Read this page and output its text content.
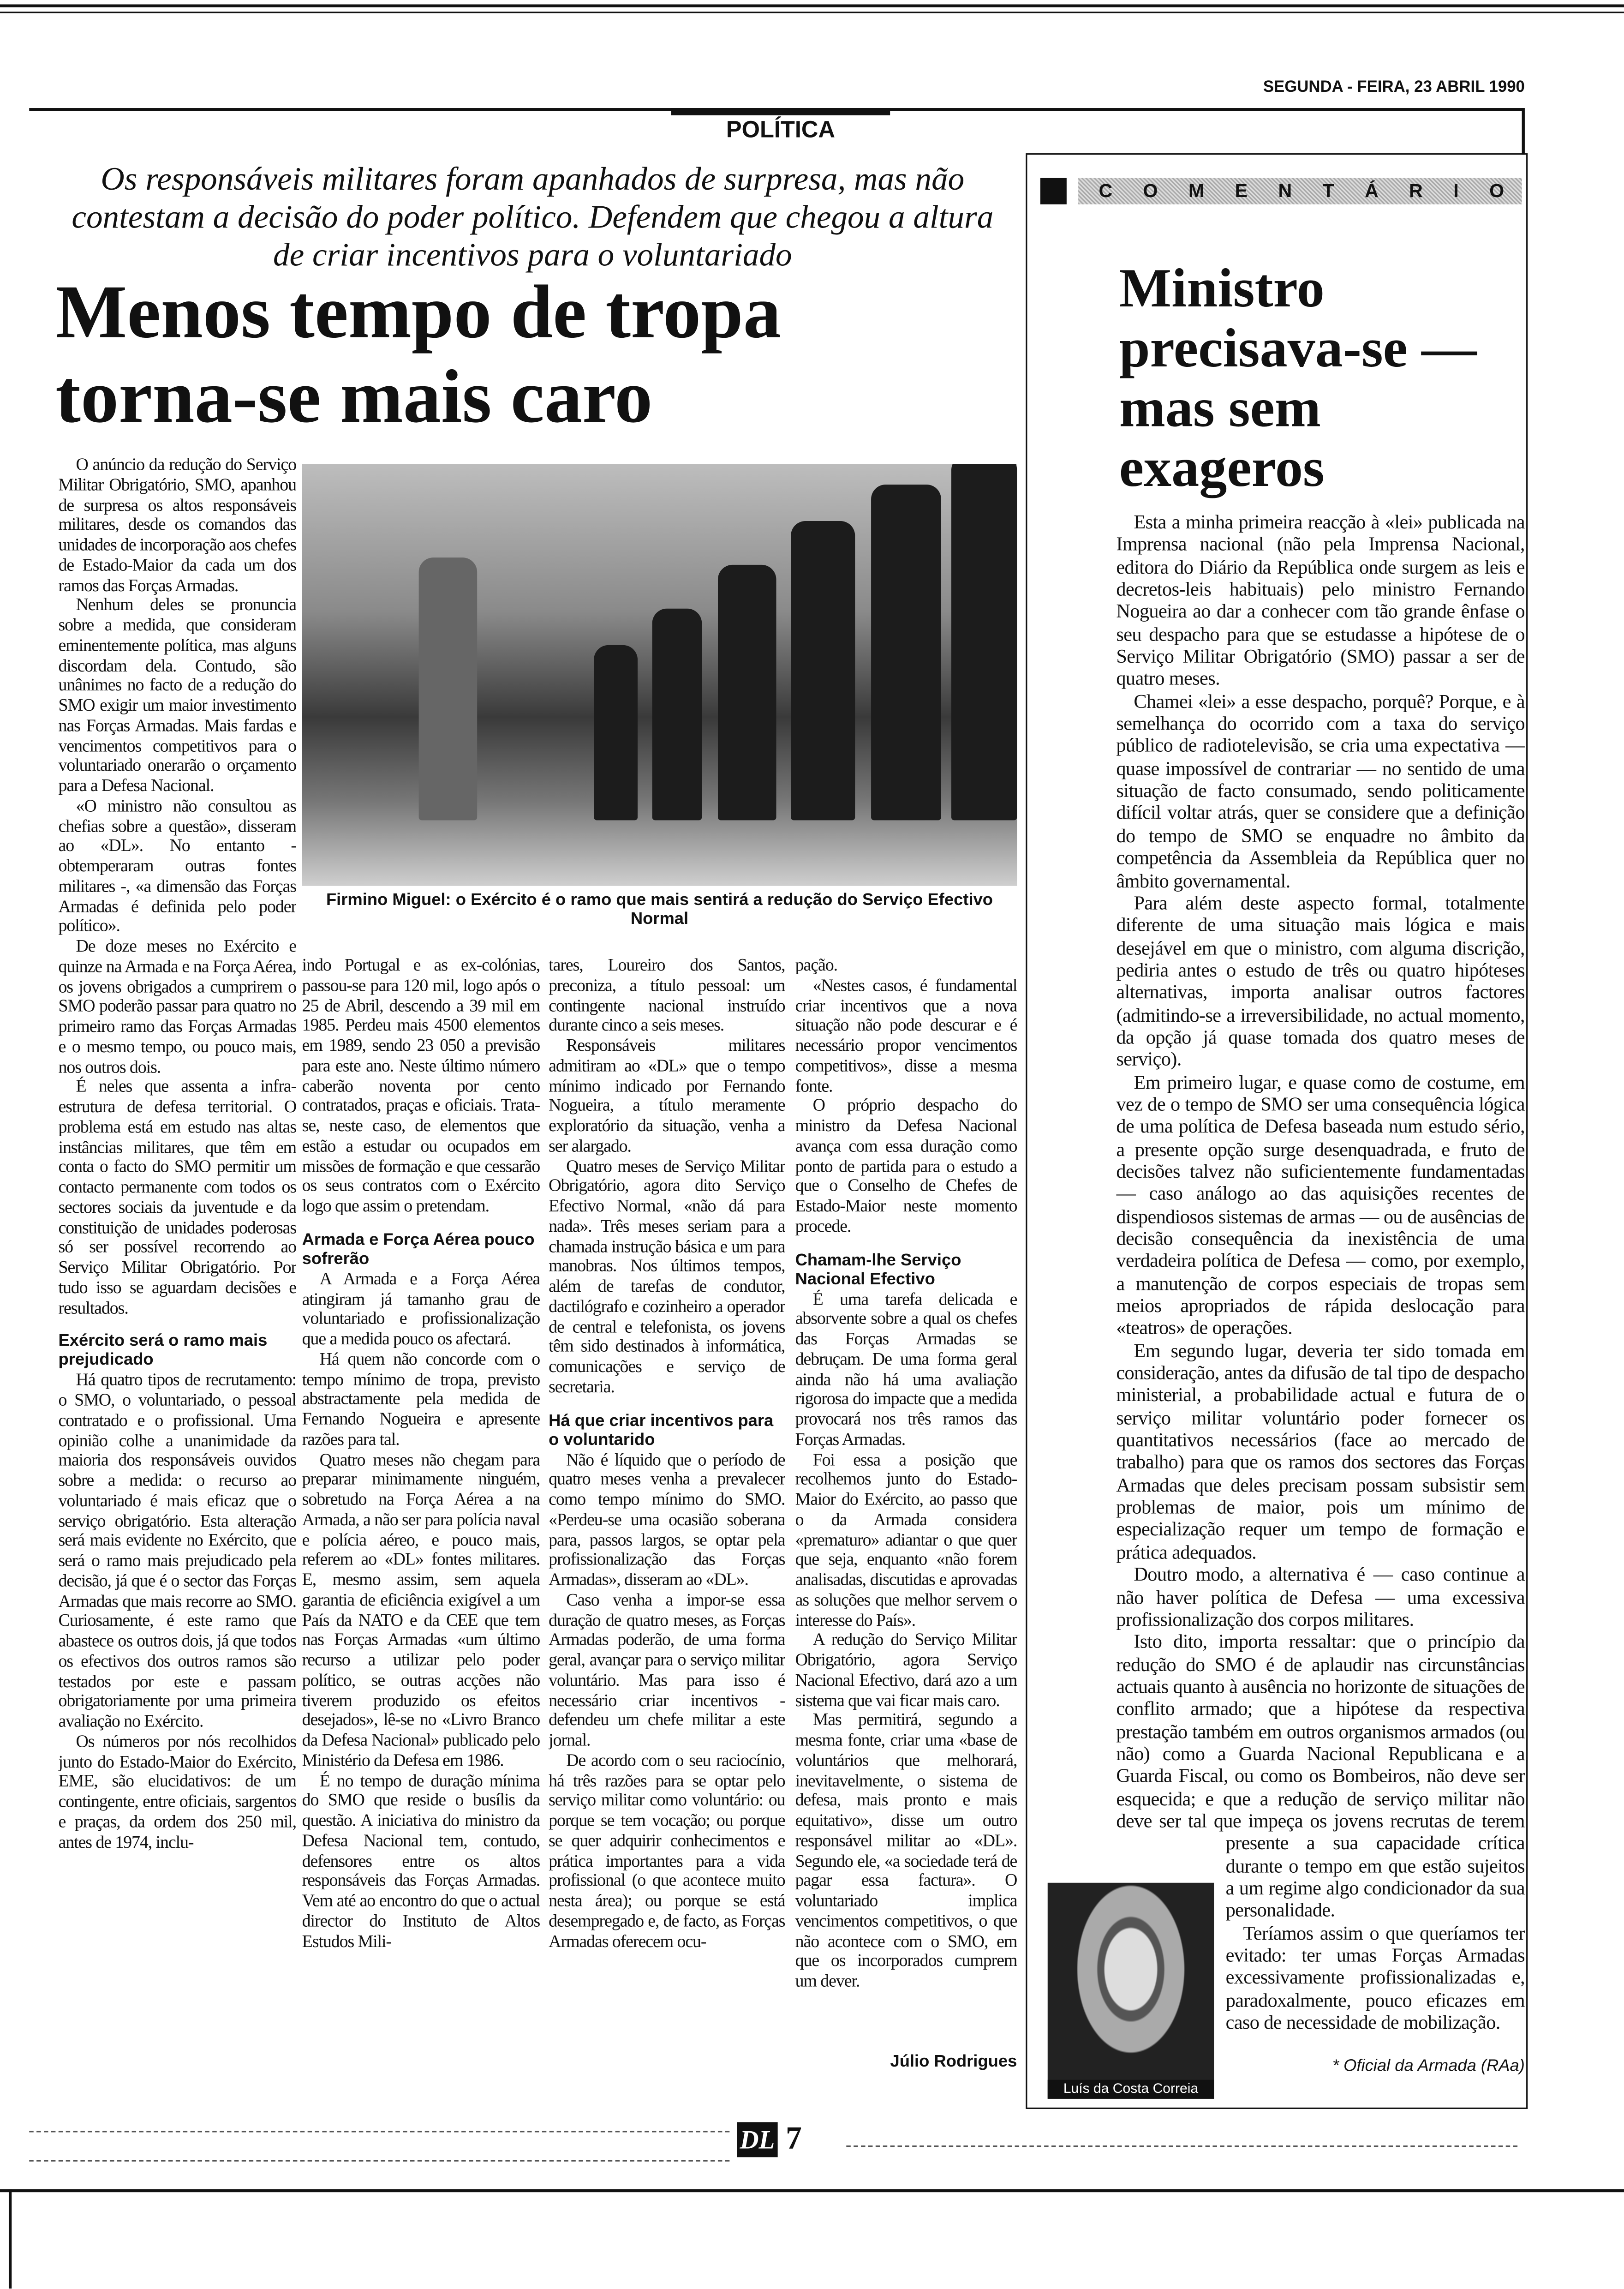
SEGUNDA - FEIRA, 23 ABRIL 1990
POLÍTICA
Os responsáveis militares foram apanhados de surpresa, mas não contestam a decisão do poder político. Defendem que chegou a altura de criar incentivos para o voluntariado
Menos tempo de tropa
torna-se mais caro
Firmino Miguel: o Exército é o ramo que mais sentirá a redução do Serviço Efectivo Normal

O anúncio da redução do Serviço Militar Obrigatório, SMO, apanhou de surpresa os altos responsáveis militares, desde os comandos das unidades de incorporação aos chefes de Estado-Maior da cada um dos ramos das Forças Armadas.

Nenhum deles se pronuncia sobre a medida, que consideram eminentemente política, mas alguns discordam dela. Contudo, são unânimes no facto de a redução do SMO exigir um maior investimento nas Forças Armadas. Mais fardas e vencimentos competitivos para o voluntariado onerarão o orçamento para a Defesa Nacional.

«O ministro não consultou as chefias sobre a questão», disseram ao «DL». No entanto - obtemperaram outras fontes militares -, «a dimensão das Forças Armadas é definida pelo poder político».

De doze meses no Exército e quinze na Armada e na Força Aérea, os jovens obrigados a cumprirem o SMO poderão passar para quatro no primeiro ramo das Forças Armadas e o mesmo tempo, ou pouco mais, nos outros dois.

É neles que assenta a infra-estrutura de defesa territorial. O problema está em estudo nas altas instâncias militares, que têm em conta o facto do SMO permitir um contacto permanente com todos os sectores sociais da juventude e da constituição de unidades poderosas só ser possível recorrendo ao Serviço Militar Obrigatório. Por tudo isso se aguardam decisões e resultados.

Exército será o ramo mais prejudicado

Há quatro tipos de recrutamento: o SMO, o voluntariado, o pessoal contratado e o profissional. Uma opinião colhe a unanimidade da maioria dos responsáveis ouvidos sobre a medida: o recurso ao voluntariado é mais eficaz que o serviço obrigatório. Esta alteração será mais evidente no Exército, que será o ramo mais prejudicado pela decisão, já que é o sector das Forças Armadas que mais recorre ao SMO. Curiosamente, é este ramo que abastece os outros dois, já que todos os efectivos dos outros ramos são testados por este e passam obrigatoriamente por uma primeira avaliação no Exército.

Os números por nós recolhidos junto do Estado-Maior do Exército, EME, são elucidativos: de um contingente, entre oficiais, sargentos e praças, da ordem dos 250 mil, antes de 1974, inclu-

indo Portugal e as ex-colónias, passou-se para 120 mil, logo após o 25 de Abril, descendo a 39 mil em 1985. Perdeu mais 4500 elementos em 1989, sendo 23 050 a previsão para este ano. Neste último número caberão noventa por cento contratados, praças e oficiais. Trata-se, neste caso, de elementos que estão a estudar ou ocupados em missões de formação e que cessarão os seus contratos com o Exército logo que assim o pretendam.

Armada e Força Aérea pouco sofrerão

A Armada e a Força Aérea atingiram já tamanho grau de voluntariado e profissionalização que a medida pouco os afectará.

Há quem não concorde com o tempo mínimo de tropa, previsto abstractamente pela medida de Fernando Nogueira e apresente razões para tal.

Quatro meses não chegam para preparar minimamente ninguém, sobretudo na Força Aérea a na Armada, a não ser para polícia naval e polícia aéreo, e pouco mais, referem ao «DL» fontes militares. E, mesmo assim, sem aquela garantia de eficiência exigível a um País da NATO e da CEE que tem nas Forças Armadas «um último recurso a utilizar pelo poder político, se outras acções não tiverem produzido os efeitos desejados», lê-se no «Livro Branco da Defesa Nacional» publicado pelo Ministério da Defesa em 1986.

É no tempo de duração mínima do SMO que reside o busílis da questão. A iniciativa do ministro da Defesa Nacional tem, contudo, defensores entre os altos responsáveis das Forças Armadas. Vem até ao encontro do que o actual director do Instituto de Altos Estudos Mili-

tares, Loureiro dos Santos, preconiza, a título pessoal: um contingente nacional instruído durante cinco a seis meses.

Responsáveis militares admitiram ao «DL» que o tempo mínimo indicado por Fernando Nogueira, a título meramente exploratório da situação, venha a ser alargado.

Quatro meses de Serviço Militar Obrigatório, agora dito Serviço Efectivo Normal, «não dá para nada». Três meses seriam para a chamada instrução básica e um para manobras. Nos últimos tempos, além de tarefas de condutor, dactilógrafo e cozinheiro a operador de central e telefonista, os jovens têm sido destinados à informática, comunicações e serviço de secretaria.

Há que criar incentivos para o voluntarido

Não é líquido que o período de quatro meses venha a prevalecer como tempo mínimo do SMO. «Perdeu-se uma ocasião soberana para, passos largos, se optar pela profissionalização das Forças Armadas», disseram ao «DL».

Caso venha a impor-se essa duração de quatro meses, as Forças Armadas poderão, de uma forma geral, avançar para o serviço militar voluntário. Mas para isso é necessário criar incentivos - defendeu um chefe militar a este jornal.

De acordo com o seu raciocínio, há três razões para se optar pelo serviço militar como voluntário: ou porque se tem vocação; ou porque se quer adquirir conhecimentos e prática importantes para a vida profissional (o que acontece muito nesta área); ou porque se está desempregado e, de facto, as Forças Armadas oferecem ocu-

pação.

«Nestes casos, é fundamental criar incentivos que a nova situação não pode descurar e é necessário propor vencimentos competitivos», disse a mesma fonte.

O próprio despacho do ministro da Defesa Nacional avança com essa duração como ponto de partida para o estudo a que o Conselho de Chefes de Estado-Maior neste momento procede.

Chamam-lhe Serviço Nacional Efectivo

É uma tarefa delicada e absorvente sobre a qual os chefes das Forças Armadas se debruçam. De uma forma geral ainda não há uma avaliação rigorosa do impacte que a medida provocará nos três ramos das Forças Armadas.

Foi essa a posição que recolhemos junto do Estado-Maior do Exército, ao passo que o da Armada considera «prematuro» adiantar o que quer que seja, enquanto «não forem analisadas, discutidas e aprovadas as soluções que melhor servem o interesse do País».

A redução do Serviço Militar Obrigatório, agora Serviço Nacional Efectivo, dará azo a um sistema que vai ficar mais caro.

Mas permitirá, segundo a mesma fonte, criar uma «base de voluntários que melhorará, inevitavelmente, o sistema de defesa, mais pronto e mais equitativo», disse um outro responsável militar ao «DL». Segundo ele, «a sociedade terá de pagar essa factura». O voluntariado implica vencimentos competitivos, o que não acontece com o SMO, em que os incorporados cumprem um dever.

Júlio Rodrigues
COMENTÁRIO
Ministro precisava-se — mas sem exageros

Esta a minha primeira reacção à «lei» publicada na Imprensa nacional (não pela Imprensa Nacional, editora do Diário da República onde surgem as leis e decretos-leis habituais) pelo ministro Fernando Nogueira ao dar a conhecer com tão grande ênfase o seu despacho para que se estudasse a hipótese de o Serviço Militar Obrigatório (SMO) passar a ser de quatro meses.

Chamei «lei» a esse despacho, porquê? Porque, e à semelhança do ocorrido com a taxa do serviço público de radiotelevisão, se cria uma expectativa — quase impossível de contrariar — no sentido de uma situação de facto consumado, sendo politicamente difícil voltar atrás, quer se considere que a definição do tempo de SMO se enquadre no âmbito da competência da Assembleia da República quer no âmbito governamental.

Para além deste aspecto formal, totalmente diferente de uma situação mais lógica e mais desejável em que o ministro, com alguma discrição, pediria antes o estudo de três ou quatro hipóteses alternativas, importa analisar outros factores (admitindo-se a irreversibilidade, no actual momento, da opção já quase tomada dos quatro meses de serviço).

Em primeiro lugar, e quase como de costume, em vez de o tempo de SMO ser uma consequência lógica de uma política de Defesa baseada num estudo sério, a presente opção surge desenquadrada, e fruto de decisões talvez não suficientemente fundamentadas — caso análogo ao das aquisições recentes de dispendiosos sistemas de armas — ou de ausências de decisão consequência da inexistência de uma verdadeira política de Defesa — como, por exemplo, a manutenção de corpos especiais de tropas sem meios apropriados de rápida deslocação para «teatros» de operações.

Em segundo lugar, deveria ter sido tomada em consideração, antes da difusão de tal tipo de despacho ministerial, a probabilidade actual e futura de o serviço militar voluntário poder fornecer os quantitativos necessários (face ao mercado de trabalho) para que os ramos dos sectores das Forças Armadas que deles precisam possam subsistir sem problemas de maior, pois um mínimo de especialização requer um tempo de formação e prática adequados.

Doutro modo, a alternativa é — caso continue a não haver política de Defesa — uma excessiva profissionalização dos corpos militares.

Isto dito, importa ressaltar: que o princípio da redução do SMO é de aplaudir nas circunstâncias actuais quanto à ausência no horizonte de situações de conflito armado; que a hipótese da respectiva prestação também em outros organismos armados (ou não) como a Guarda Nacional Republicana e a Guarda Fiscal, ou como os Bombeiros, não deve ser esquecida; e que a redução de serviço militar não deve ser tal que impeça os jovens recrutas de terem presente a sua capacidade crítica durante o tempo em que estão sujeitos a um regime algo condicionador da sua personalidade.

Teríamos assim o que queríamos ter evitado: ter umas Forças Armadas excessivamente profissionalizadas e, paradoxalmente, pouco eficazes em caso de necessidade de mobilização.

Luís da Costa Correia
* Oficial da Armada (RAa)
DL 7
